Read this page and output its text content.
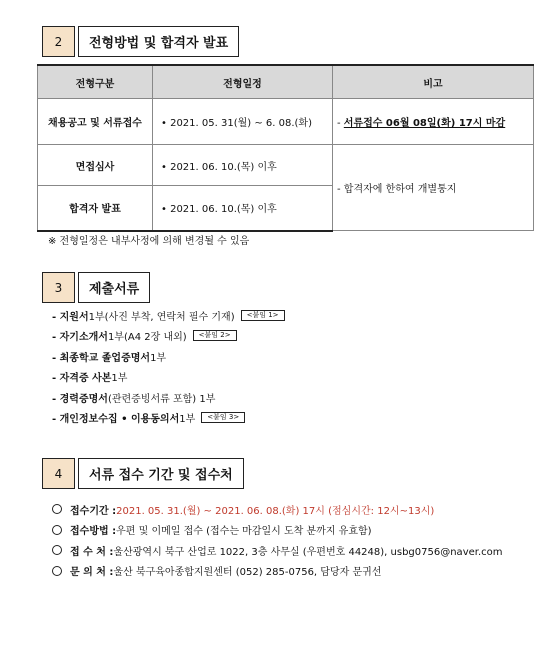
2	전형방법 및 합격자 발표
전형구분	전형일정	비고
채용공고 및 서류접수	• 2021. 05. 31(월) ~ 6. 08.(화)	- 서류접수 06월 08일(화) 17시 마감
면접심사	• 2021. 06. 10.(목) 이후	- 합격자에 한하여 개별통지
합격자 발표	• 2021. 06. 10.(목) 이후	
※ 전형일정은 내부사정에 의해 변경될 수 있음
3	제출서류
- 지원서 1부(사진 부착, 연락처 필수 기재)	<붙임 1>
- 자기소개서 1부(A4 2장 내외)	<붙임 2>
- 최종학교 졸업증명서 1부
- 자격증 사본 1부
- 경력증명서 (관련증빙서류 포함) 1부
- 개인정보수집 • 이용동의서 1부	<붙임 3>
4	서류 접수 기간 및 접수처
접수기간 : 2021. 05. 31.(월) ~ 2021. 06. 08.(화) 17시 (점심시간: 12시~13시)
접수방법 : 우편 및 이메일 접수 (접수는 마감일시 도착 분까지 유효함)
접 수 처 : 울산광역시 북구 산업로 1022, 3층 사무실 (우편번호 44248), usbg0756@naver.com
문 의 처 : 울산 북구육아종합지원센터 (052) 285-0756, 담당자 문귀선
